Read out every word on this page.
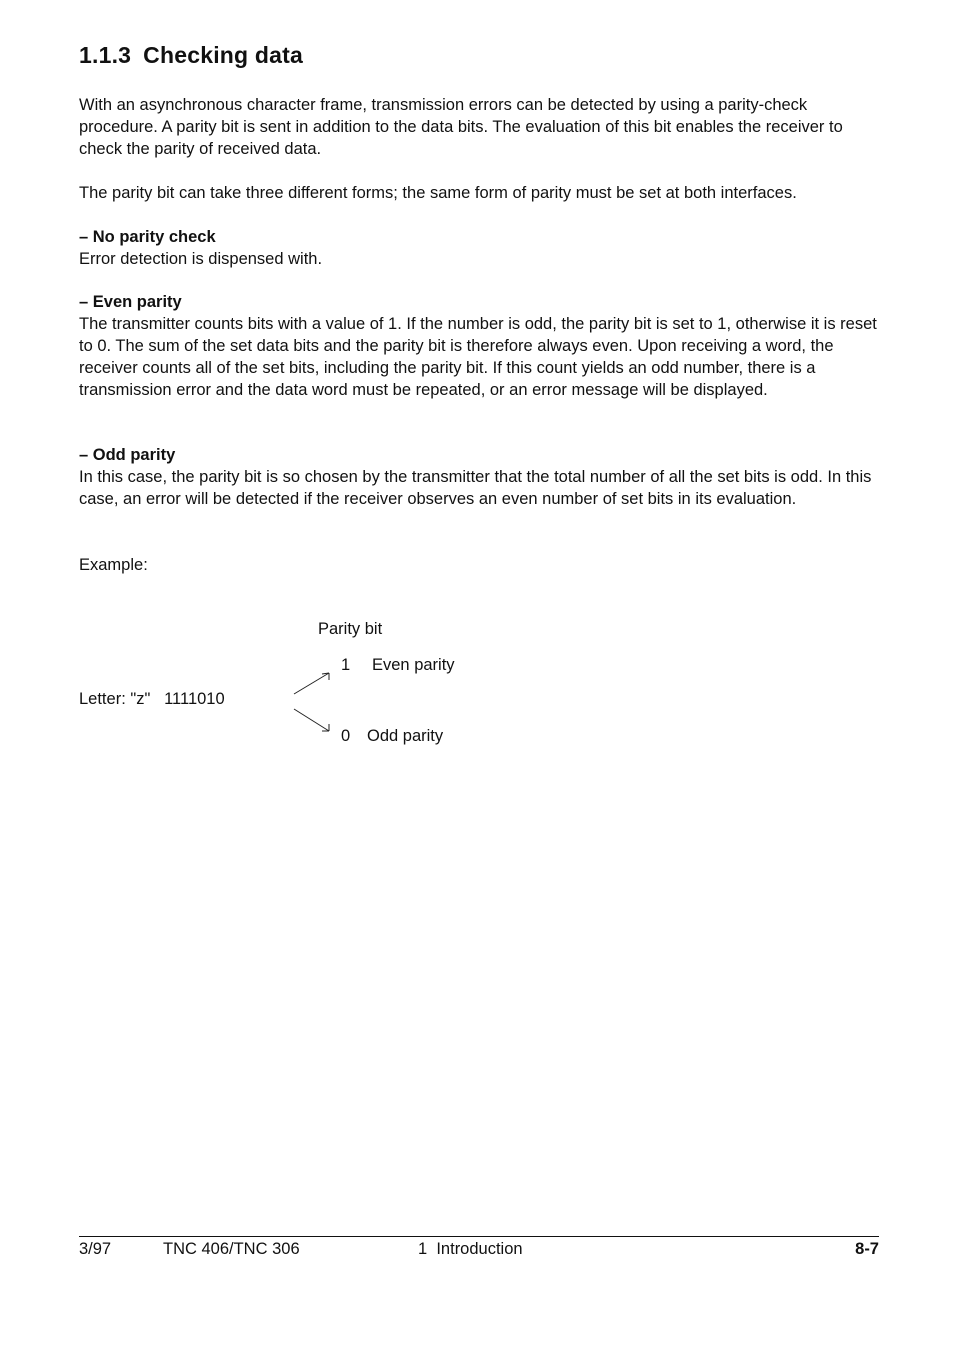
1.1.3 Checking data

With an asynchronous character frame, transmission errors can be detected by using a parity-check procedure. A parity bit is sent in addition to the data bits. The evaluation of this bit enables the receiver to check the parity of received data.

The parity bit can take three different forms; the same form of parity must be set at both interfaces.

– No parity check

Error detection is dispensed with.

– Even parity

The transmitter counts bits with a value of 1. If the number is odd, the parity bit is set to 1, otherwise it is reset to 0. The sum of the set data bits and the parity bit is therefore always even. Upon receiving a word, the receiver counts all of the set bits, including the parity bit. If this count yields an odd number, there is a transmission error and the data word must be repeated, or an error message will be displayed.

– Odd parity

In this case, the parity bit is so chosen by the transmitter that the total number of all the set bits is odd. In this case, an error will be detected if the receiver observes an even number of set bits in its evaluation.

Example:

Parity bit
Letter: "z" 1111010
1 Even parity
0 Odd parity
3/97	TNC 406/TNC 306	1  Introduction	8-7
